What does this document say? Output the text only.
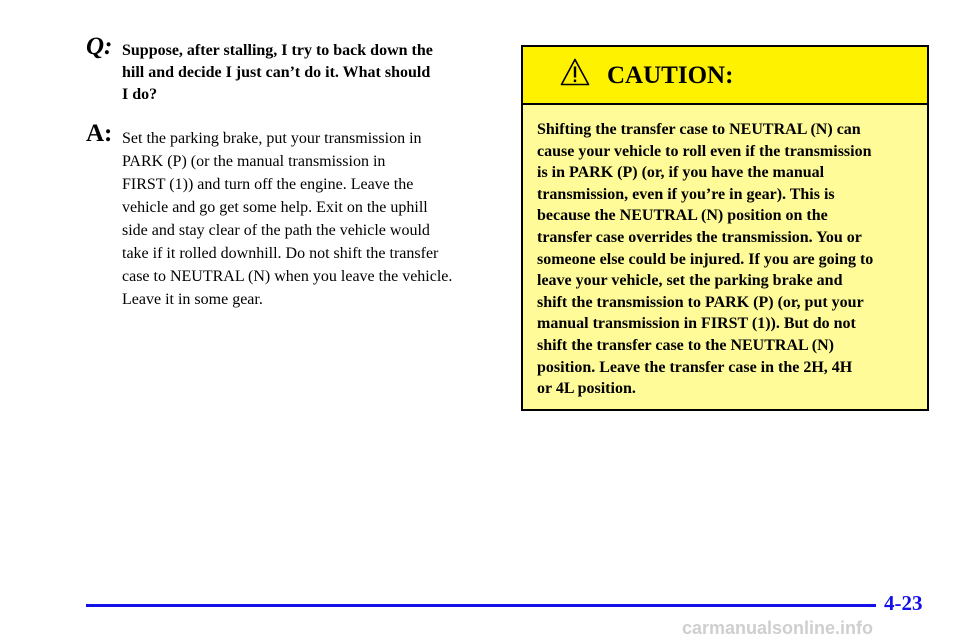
Q: Suppose, after stalling, I try to back down the
hill and decide I just can’t do it. What should
I do?
A: Set the parking brake, put your transmission in
PARK (P) (or the manual transmission in
FIRST (1)) and turn off the engine. Leave the
vehicle and go get some help. Exit on the uphill
side and stay clear of the path the vehicle would
take if it rolled downhill. Do not shift the transfer
case to NEUTRAL (N) when you leave the vehicle.
Leave it in some gear.
CAUTION:
Shifting the transfer case to NEUTRAL (N) can
cause your vehicle to roll even if the transmission
is in PARK (P) (or, if you have the manual
transmission, even if you’re in gear). This is
because the NEUTRAL (N) position on the
transfer case overrides the transmission. You or
someone else could be injured. If you are going to
leave your vehicle, set the parking brake and
shift the transmission to PARK (P) (or, put your
manual transmission in FIRST (1)). But do not
shift the transfer case to the NEUTRAL (N)
position. Leave the transfer case in the 2H, 4H
or 4L position.
4-23
carmanualsonline.info
